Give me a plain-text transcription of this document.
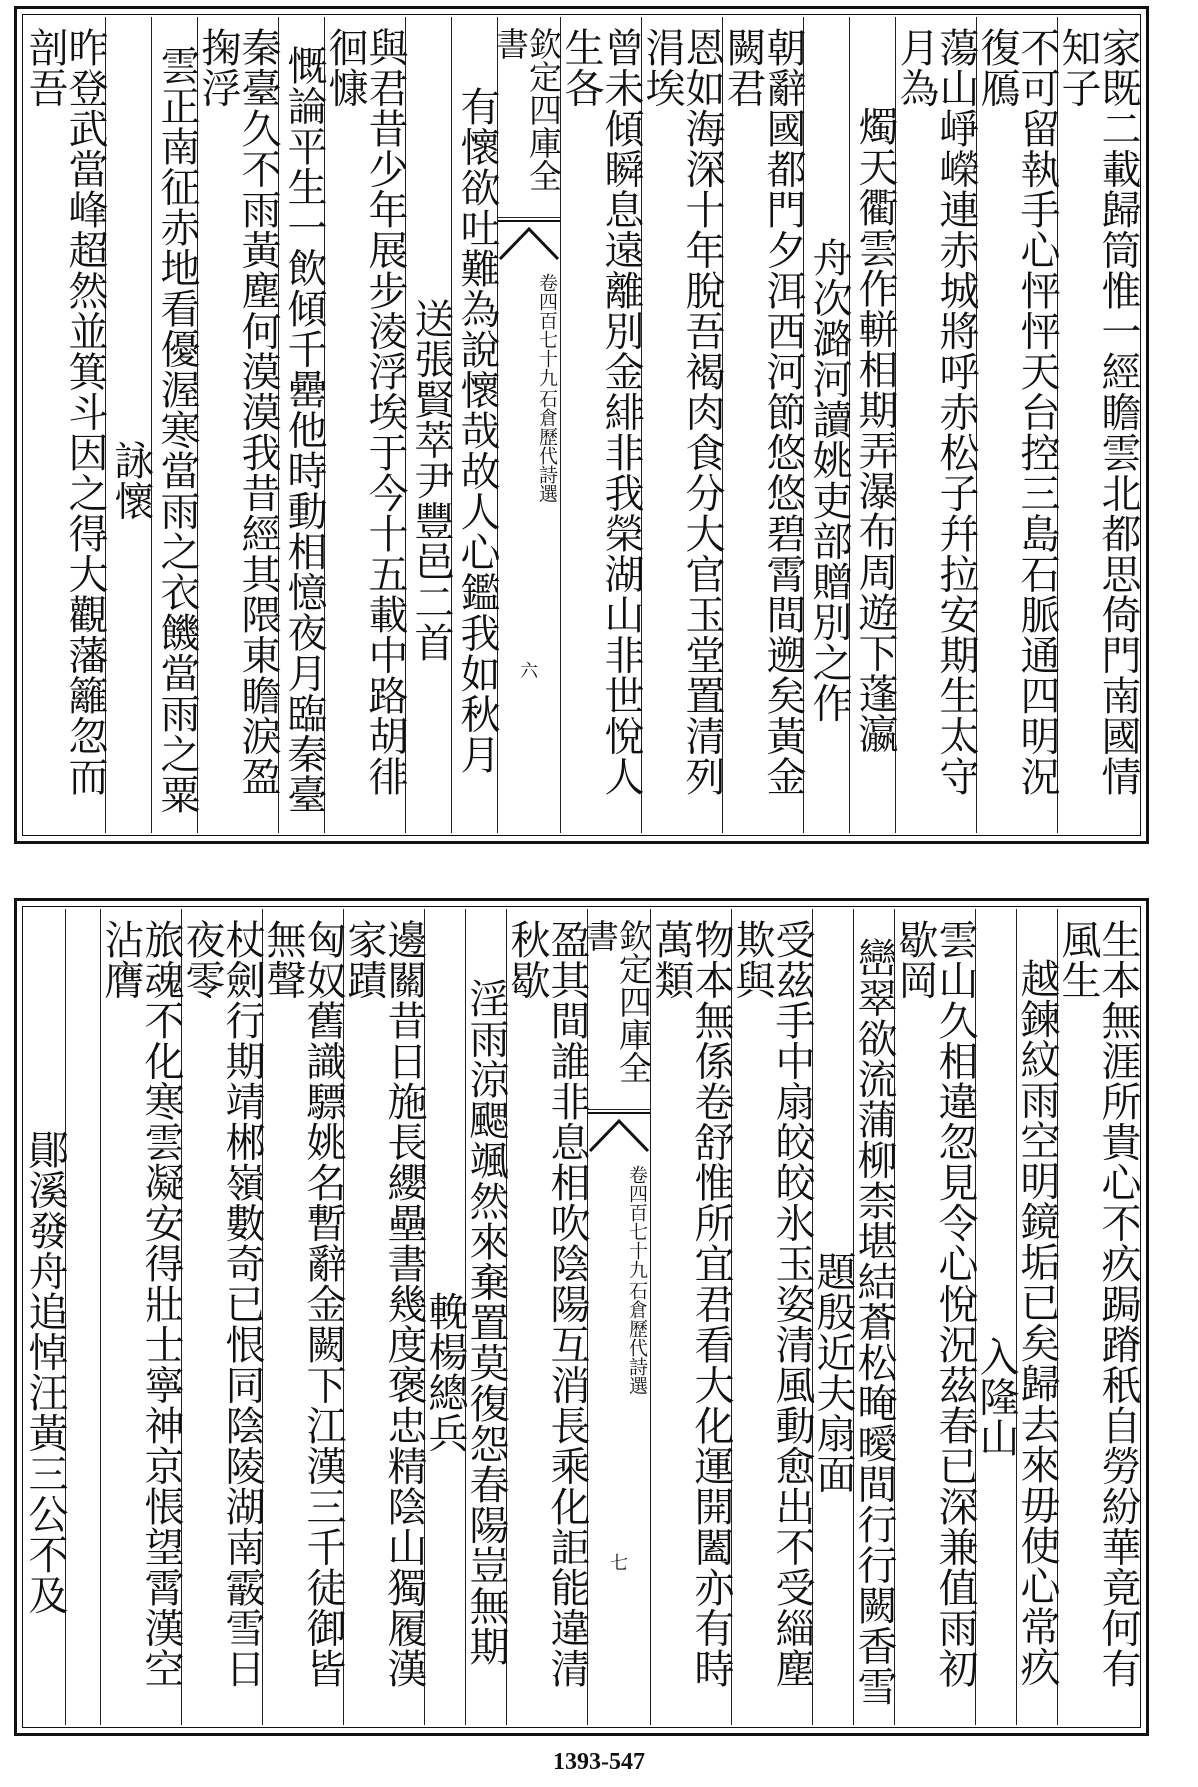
家既二載歸筒惟一經瞻雲北都思倚門南國情知子
不可留執手心怦怦天台控三島石脈通四明況復鴈
蕩山崢嶸連赤城將呼赤松子幷拉安期生太守月為
燭天衢雲作軿相期弄瀑布周遊下蓬瀛
舟次潞河讀姚吏部贈別之作
朝辭國都門夕洱西河節悠悠碧霄間遡矣黃金闕君
恩如海深十年脫吾褐肉食分大官玉堂置清列涓埃
曾未傾瞬息遠離別金緋非我榮湖山非世悅人生各
欽定四庫全書
石倉歷代詩選
卷四百七十九
六
有懷欲吐難為說懷哉故人心鑑我如秋月
送張賢萃尹豐邑二首
與君昔少年展步淩浮埃于今十五載中路胡徘徊慷
慨論平生一飲傾千罍他時動相憶夜月臨秦臺
秦臺久不雨黃塵何漠漠我昔經其隈東瞻淚盈掬浮
雲正南征赤地看優渥寒當雨之衣饑當雨之粟
詠懷
昨登武當峰超然並箕斗因之得大觀藩籬忽而剖吾
生本無涯所貴心不疚跼蹐秖自勞紛華竟何有風生
越鍊紋雨空明鏡垢已矣歸去來毋使心常疚
入隆山
雲山久相違忽見令心悅況茲春已深兼值雨初歇岡
巒翠欲流蒲柳柰堪結蒼松晻曖間行行闕香雪
題殷近夫扇面
受茲手中扇皎皎氷玉姿清風動愈出不受緇塵欺與
物本無係卷舒惟所宜君看大化運開闔亦有時萬類
欽定四庫全書
石倉歷代詩選
卷四百七十九
七
盈其間誰非息相吹陰陽互消長乘化詎能違清秋歇
淫雨涼颸颯然來棄置莫復怨春陽豈無期
輓楊總兵
邊關昔日施長纓壘書幾度褒忠精陰山獨履漢家蹟
匈奴舊識驃姚名暫辭金闕下江漢三千徒御皆無聲
杖劍行期靖郴嶺數奇已恨同陰陵湖南霰雪日夜零
旅魂不化寒雲凝安得壯士寧神京悵望霄漢空沾膺
鄖溪發舟追悼汪黃三公不及
1393-547
